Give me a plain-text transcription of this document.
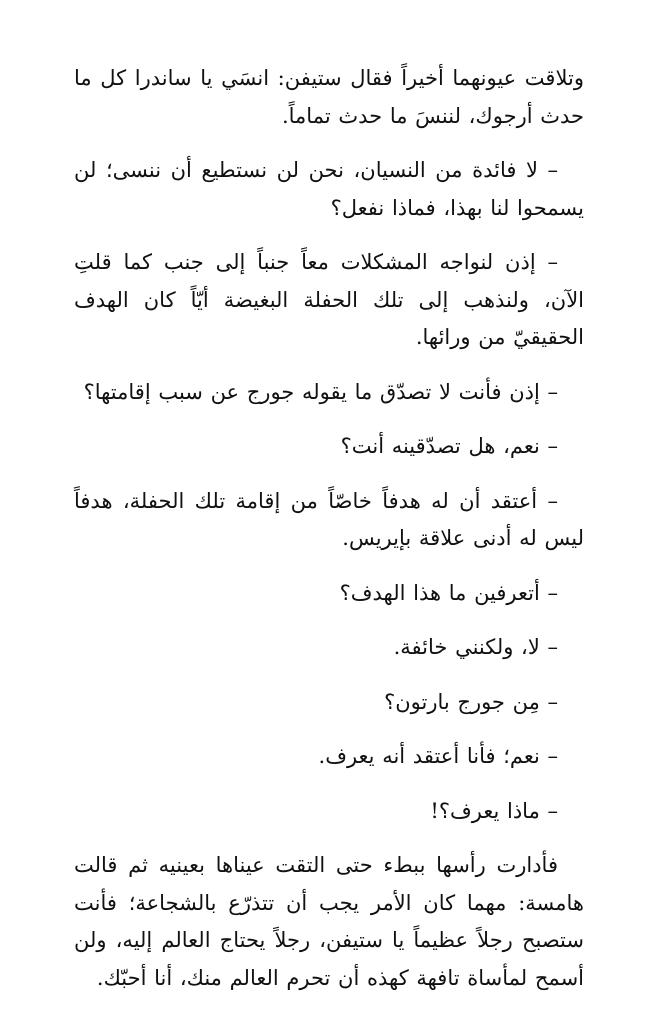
وتلاقت عيونهما أخيراً فقال ستيفن: انسَي يا ساندرا كل ما حدث أرجوك، لننسَ ما حدث تماماً.

– لا فائدة من النسيان، نحن لن نستطيع أن ننسى؛ لن يسمحوا لنا بهذا، فماذا نفعل؟

– إذن لنواجه المشكلات معاً جنباً إلى جنب كما قلتِ الآن، ولنذهب إلى تلك الحفلة البغيضة أيّاً كان الهدف الحقيقيّ من ورائها.

– إذن فأنت لا تصدّق ما يقوله جورج عن سبب إقامتها؟

– نعم، هل تصدّقينه أنت؟

– أعتقد أن له هدفاً خاصّاً من إقامة تلك الحفلة، هدفاً ليس له أدنى علاقة بإيريس.

– أتعرفين ما هذا الهدف؟

– لا، ولكنني خائفة.

– مِن جورج بارتون؟

– نعم؛ فأنا أعتقد أنه يعرف.

– ماذا يعرف؟!

فأدارت رأسها ببطء حتى التقت عيناها بعينيه ثم قالت هامسة: مهما كان الأمر يجب أن تتذرّع بالشجاعة؛ فأنت ستصبح رجلاً عظيماً يا ستيفن، رجلاً يحتاج العالم إليه، ولن أسمح لمأساة تافهة كهذه أن تحرم العالم منك، أنا أحبّك.
